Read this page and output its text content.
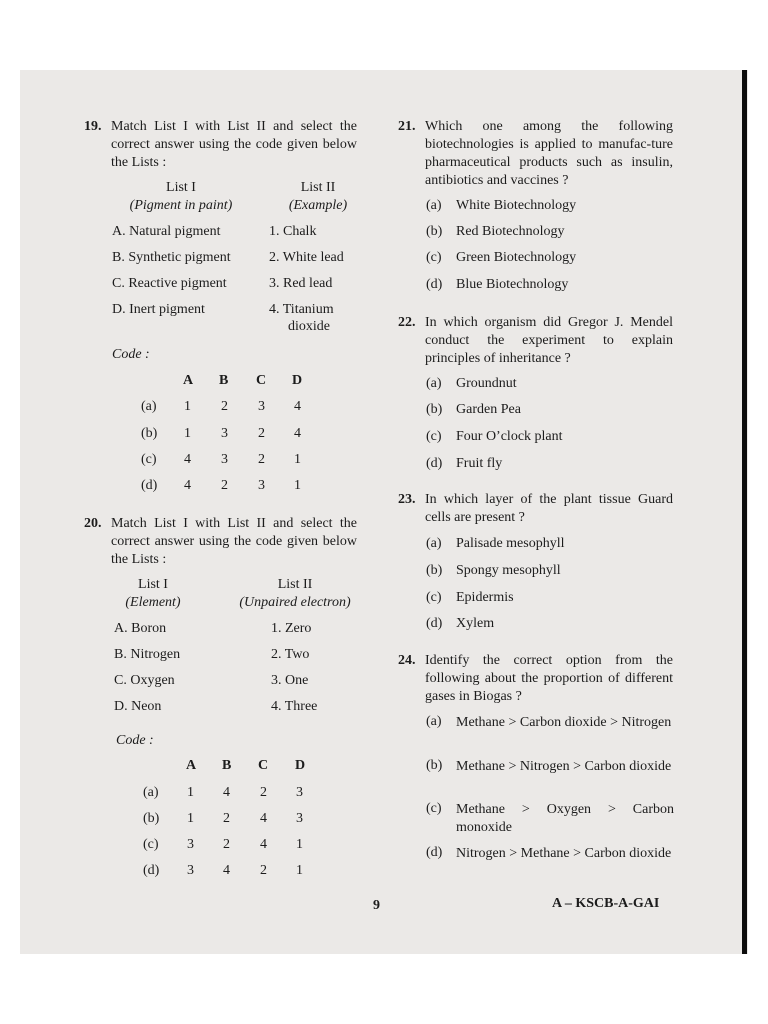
19. Match List I with List II and select the correct answer using the code given below the Lists :
List I
(Pigment in paint)
List II
(Example)
A. Natural pigment
B. Synthetic pigment
C. Reactive pigment
D. Inert pigment
1. Chalk
2. White lead
3. Red lead
4. Titanium
dioxide
Code :
A B C D
(a) 1 2 3 4
(b) 1 3 2 4
(c) 4 3 2 1
(d) 4 2 3 1
20. Match List I with List II and select the correct answer using the code given below the Lists :
List I
(Element)
List II
(Unpaired electron)
A. Boron
B. Nitrogen
C. Oxygen
D. Neon
1. Zero
2. Two
3. One
4. Three
Code :
A B C D
(a) 1 4 2 3
(b) 1 2 4 3
(c) 3 2 4 1
(d) 3 4 2 1
21. Which one among the following biotechnologies is applied to manufac-ture pharmaceutical products such as insulin, antibiotics and vaccines ?
(a) White Biotechnology
(b) Red Biotechnology
(c) Green Biotechnology
(d) Blue Biotechnology
22. In which organism did Gregor J. Mendel conduct the experiment to explain principles of inheritance ?
(a) Groundnut
(b) Garden Pea
(c) Four O’clock plant
(d) Fruit fly
23. In which layer of the plant tissue Guard cells are present ?
(a) Palisade mesophyll
(b) Spongy mesophyll
(c) Epidermis
(d) Xylem
24. Identify the correct option from the following about the proportion of different gases in Biogas ?
(a) Methane > Carbon dioxide > Nitrogen
(b) Methane > Nitrogen > Carbon dioxide
(c) Methane > Oxygen > Carbon monoxide
(d) Nitrogen > Methane > Carbon dioxide
9	A – KSCB-A-GAI
